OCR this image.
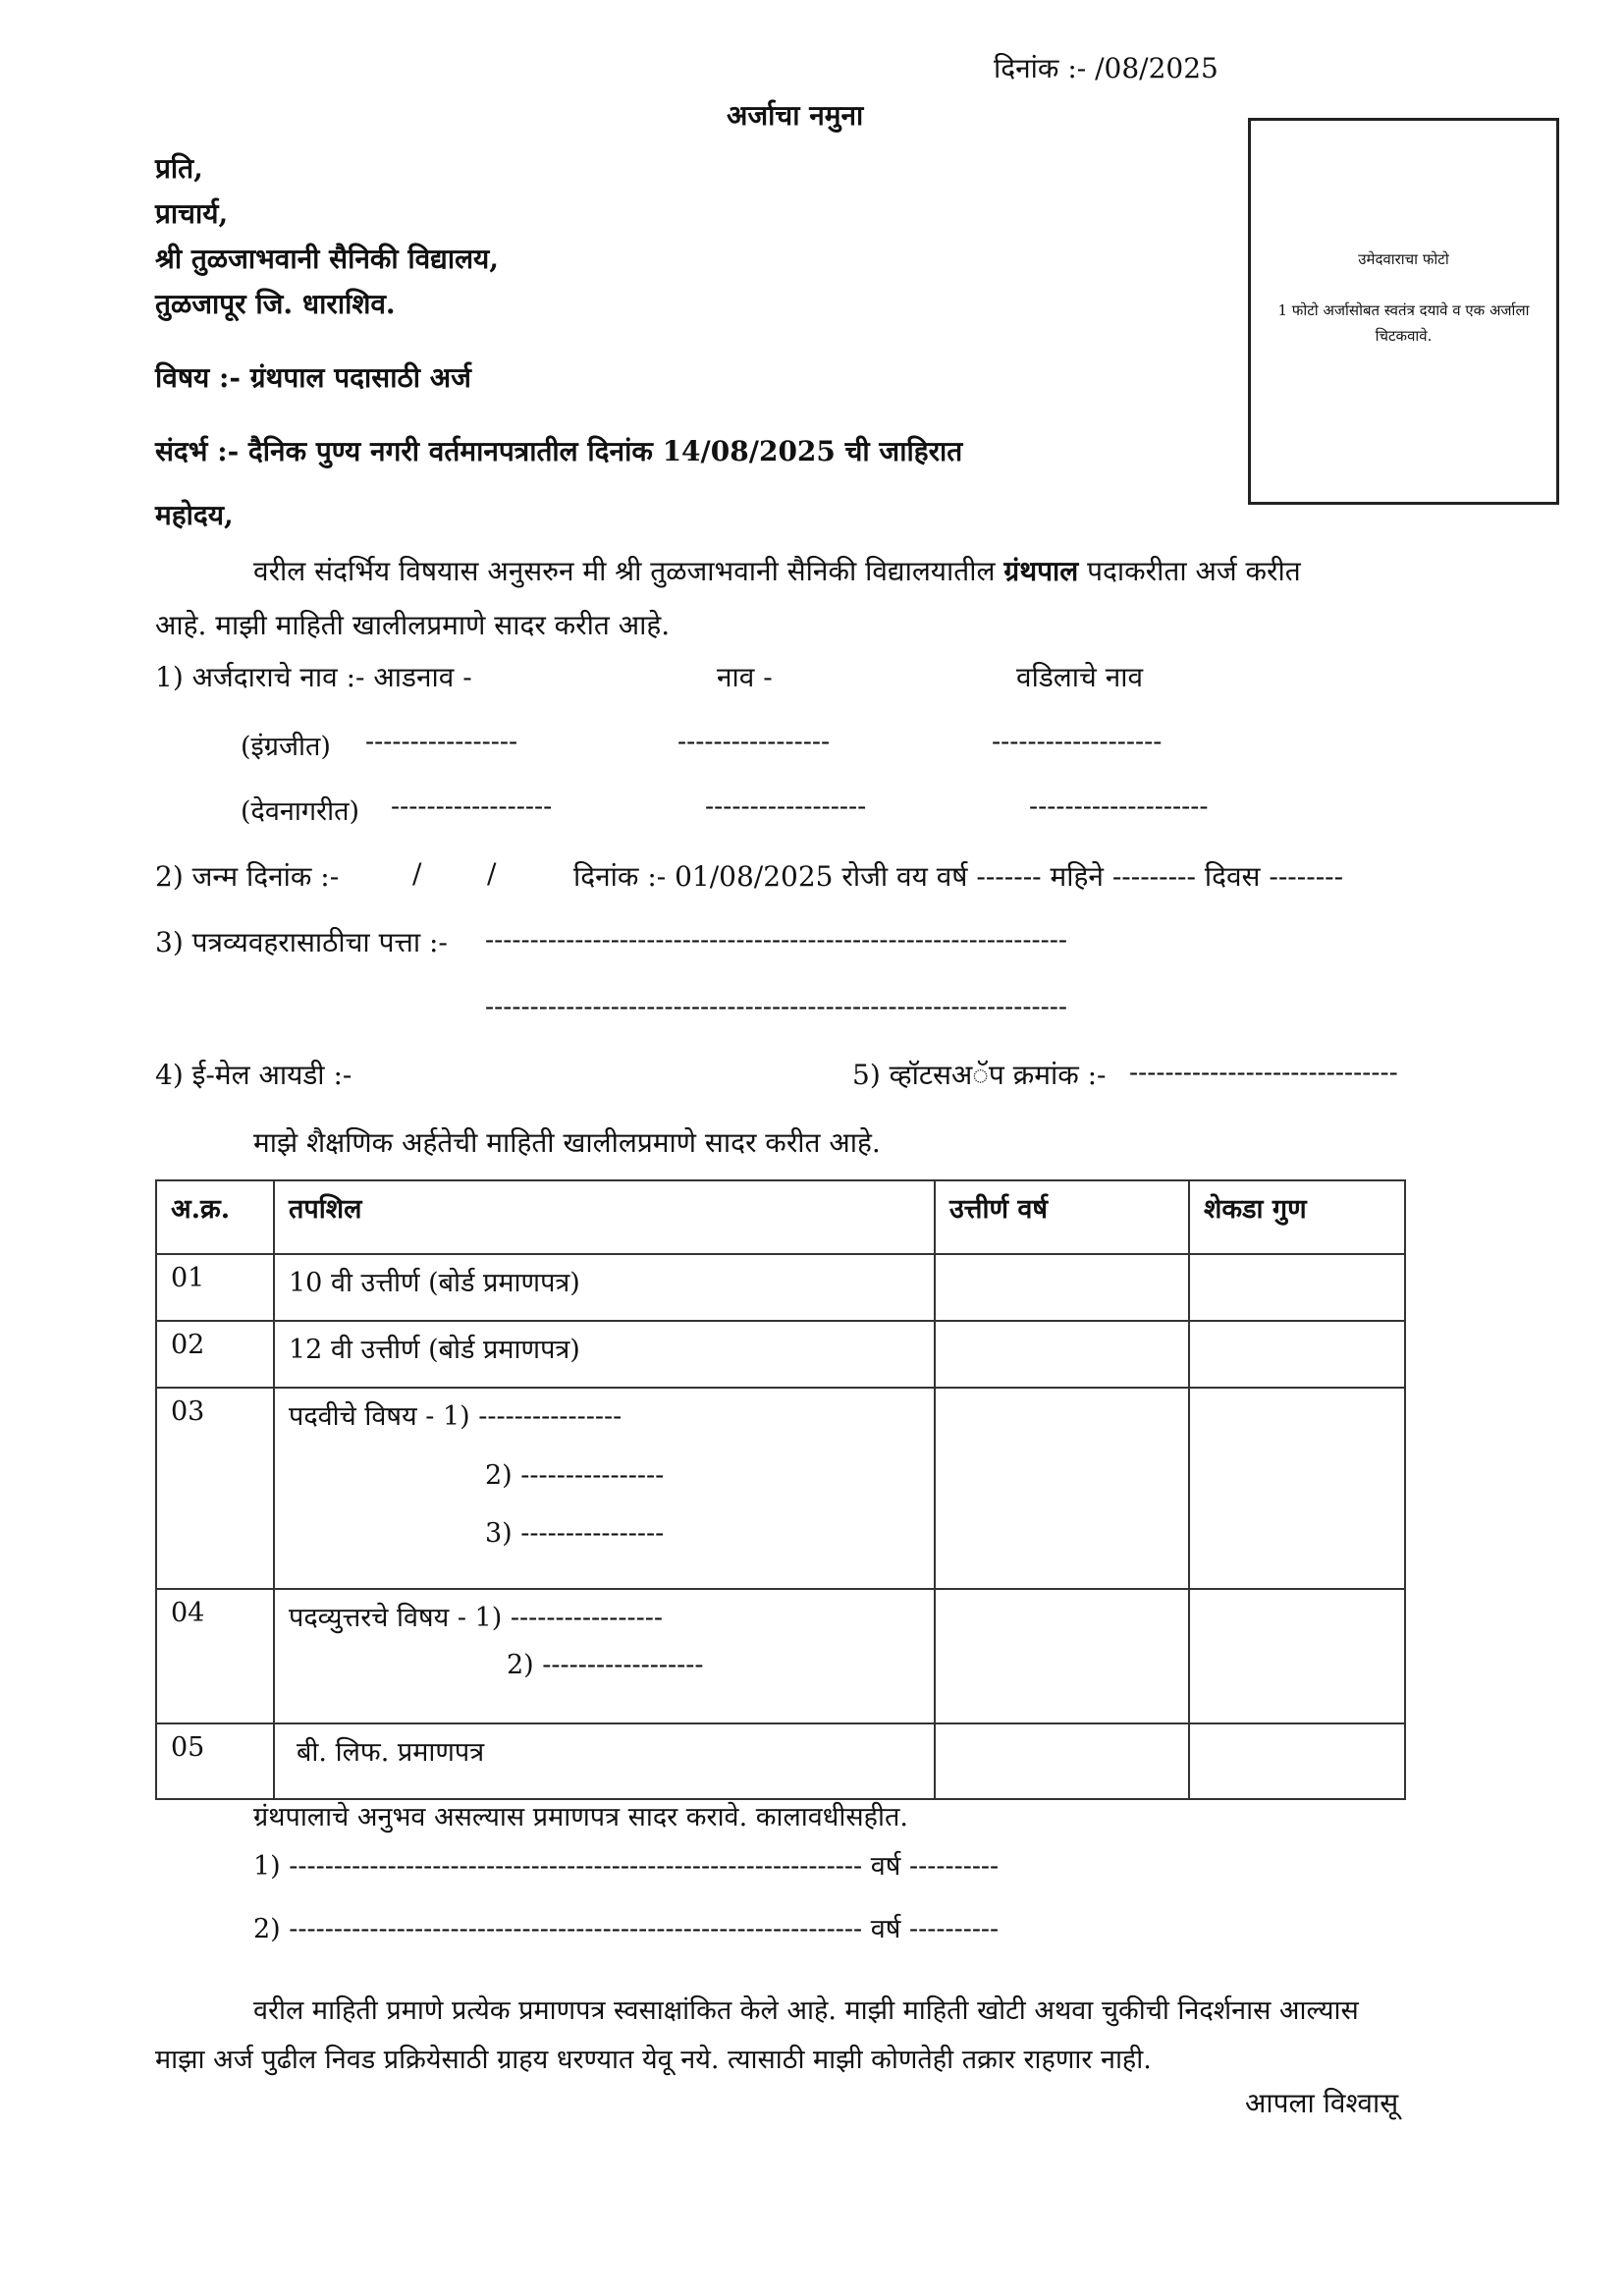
दिनांक :- /08/2025
अर्जाचा नमुना
प्रति,
प्राचार्य,
श्री तुळजाभवानी सैनिकी विद्यालय,
तुळजापूर जि. धाराशिव.
उमेदवाराचा फोटो
1 फोटो अर्जासोबत स्वतंत्र दयावे व एक अर्जाला चिटकवावे.
विषय :- ग्रंथपाल पदासाठी अर्ज
संदर्भ :- दैनिक पुण्य नगरी वर्तमानपत्रातील दिनांक 14/08/2025 ची जाहिरात
महोदय,
वरील संदर्भिय विषयास अनुसरुन मी श्री तुळजाभवानी सैनिकी विद्यालयातील ग्रंथपाल पदाकरीता अर्ज करीत
आहे. माझी माहिती खालीलप्रमाणे सादर करीत आहे.
1) अर्जदाराचे नाव :- आडनाव -	नाव -	वडिलाचे नाव
(इंग्रजीत) -----------------	-----------------	-------------------
(देवनागरीत) ------------------	------------------	--------------------
2) जन्म दिनांक :-	/ /	दिनांक :- 01/08/2025 रोजी वय वर्ष ------- महिने --------- दिवस --------
3) पत्रव्यवहरासाठीचा पत्ता :- -----------------------------------------------------------------
-----------------------------------------------------------------
4) ई-मेल आयडी :-	5) व्हॉटसअॅप क्रमांक :- ------------------------------
माझे शैक्षणिक अर्हतेची माहिती खालीलप्रमाणे सादर करीत आहे.
अ.क्र.	तपशिल	उत्तीर्ण वर्ष	शेकडा गुण
01	10 वी उत्तीर्ण (बोर्ड प्रमाणपत्र)		
02	12 वी उत्तीर्ण (बोर्ड प्रमाणपत्र)		
03	पदवीचे विषय - 1) ----------------
2) ----------------
3) ----------------		

04	पदव्युत्तरचे विषय - 1) -----------------
2) ------------------		

05	बी. लिफ. प्रमाणपत्र		
ग्रंथपालाचे अनुभव असल्यास प्रमाणपत्र सादर करावे. कालावधीसहीत.
1) ---------------------------------------------------------------- वर्ष ----------
2) ---------------------------------------------------------------- वर्ष ----------
वरील माहिती प्रमाणे प्रत्येक प्रमाणपत्र स्वसाक्षांकित केले आहे. माझी माहिती खोटी अथवा चुकीची निदर्शनास आल्यास
माझा अर्ज पुढील निवड प्रक्रियेसाठी ग्राहय धरण्यात येवू नये. त्यासाठी माझी कोणतेही तक्रार राहणार नाही.
आपला विश्वासू
